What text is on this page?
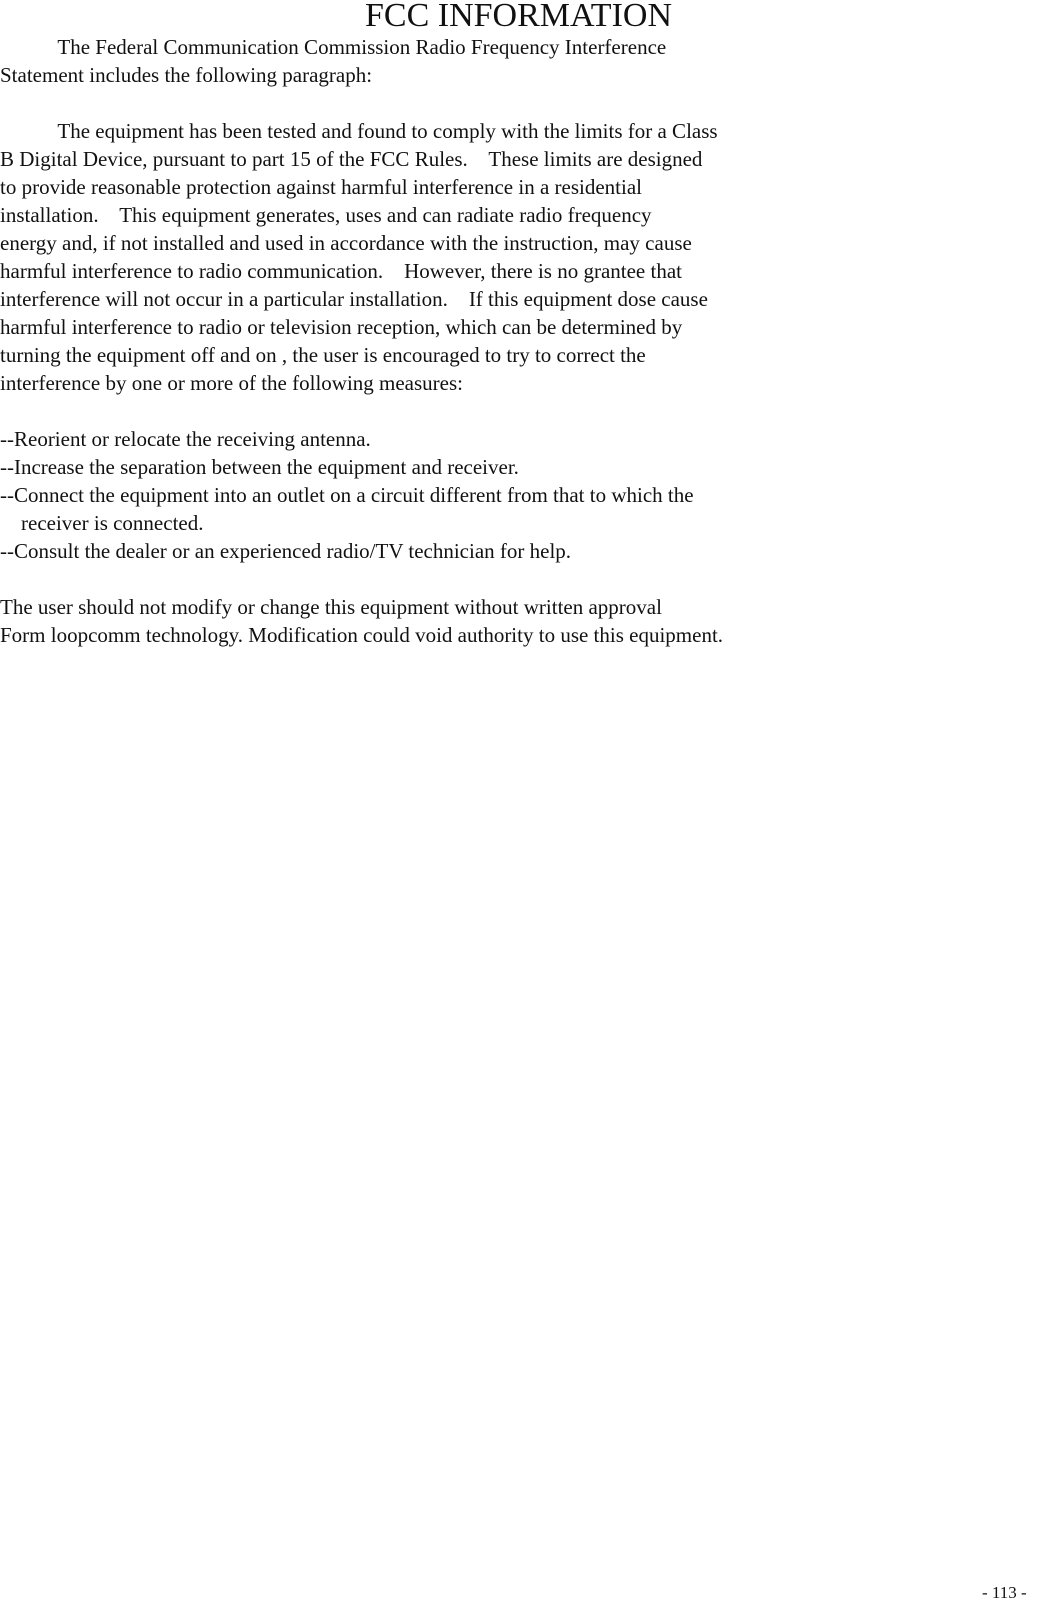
FCC INFORMATION
The Federal Communication Commission Radio Frequency Interference
Statement includes the following paragraph:
The equipment has been tested and found to comply with the limits for a Class
B Digital Device, pursuant to part 15 of the FCC Rules.    These limits are designed
to provide reasonable protection against harmful interference in a residential
installation.    This equipment generates, uses and can radiate radio frequency
energy and, if not installed and used in accordance with the instruction, may cause
harmful interference to radio communication.    However, there is no grantee that
interference will not occur in a particular installation.    If this equipment dose cause
harmful interference to radio or television reception, which can be determined by
turning the equipment off and on , the user is encouraged to try to correct the
interference by one or more of the following measures:
--Reorient or relocate the receiving antenna.
--Increase the separation between the equipment and receiver.
--Connect the equipment into an outlet on a circuit different from that to which the
receiver is connected.
--Consult the dealer or an experienced radio/TV technician for help.
The user should not modify or change this equipment without written approval
Form loopcomm technology. Modification could void authority to use this equipment.
- 113 -
